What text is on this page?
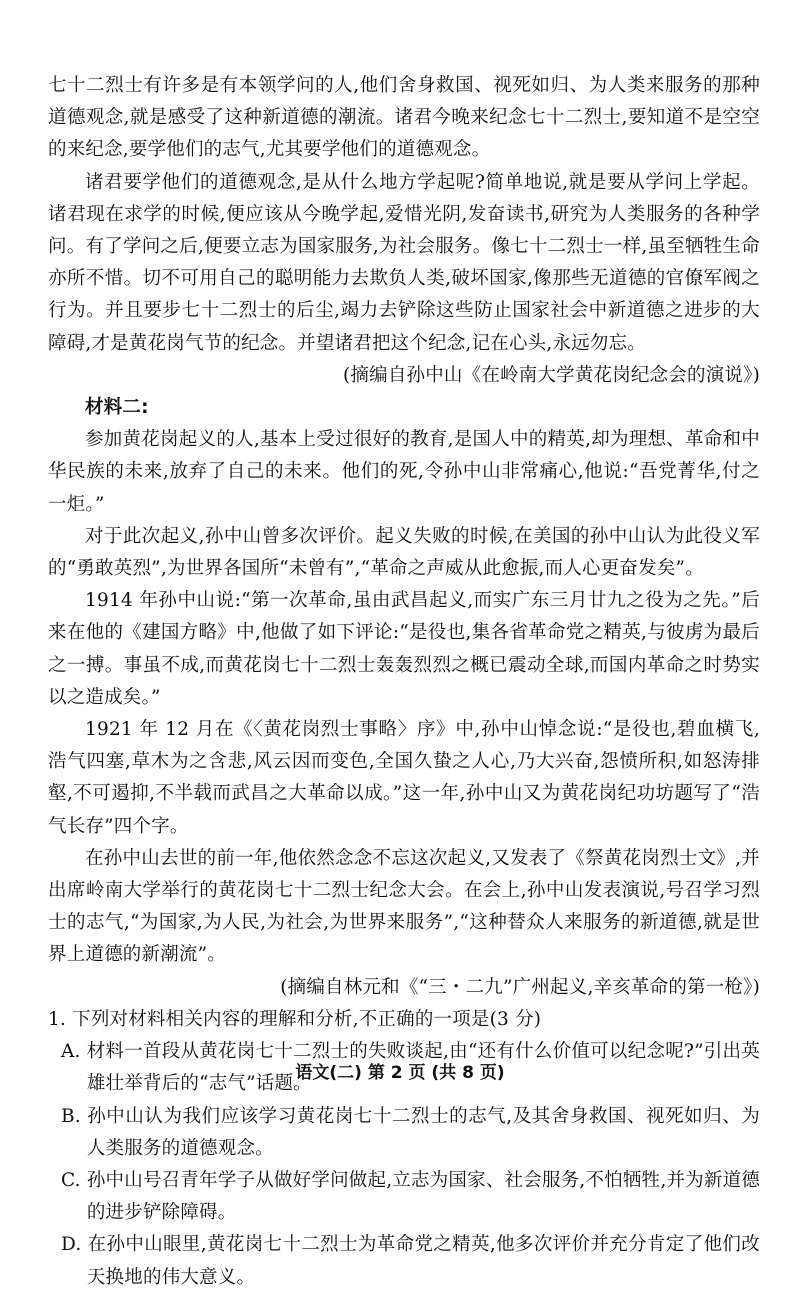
七十二烈士有许多是有本领学问的人,他们舍身救国、视死如归、为人类来服务的那种道德观念,就是感受了这种新道德的潮流。诸君今晚来纪念七十二烈士,要知道不是空空的来纪念,要学他们的志气,尤其要学他们的道德观念。

诸君要学他们的道德观念,是从什么地方学起呢?简单地说,就是要从学问上学起。诸君现在求学的时候,便应该从今晚学起,爱惜光阴,发奋读书,研究为人类服务的各种学问。有了学问之后,便要立志为国家服务,为社会服务。像七十二烈士一样,虽至牺牲生命亦所不惜。切不可用自己的聪明能力去欺负人类,破坏国家,像那些无道德的官僚军阀之行为。并且要步七十二烈士的后尘,竭力去铲除这些防止国家社会中新道德之进步的大障碍,才是黄花岗气节的纪念。并望诸君把这个纪念,记在心头,永远勿忘。

(摘编自孙中山《在岭南大学黄花岗纪念会的演说》)

材料二:

参加黄花岗起义的人,基本上受过很好的教育,是国人中的精英,却为理想、革命和中华民族的未来,放弃了自己的未来。他们的死,令孙中山非常痛心,他说:“吾党菁华,付之一炬。”

对于此次起义,孙中山曾多次评价。起义失败的时候,在美国的孙中山认为此役义军的“勇敢英烈”,为世界各国所“未曾有”,“革命之声威从此愈振,而人心更奋发矣”。

1914 年孙中山说:“第一次革命,虽由武昌起义,而实广东三月廿九之役为之先。”后来在他的《建国方略》中,他做了如下评论:“是役也,集各省革命党之精英,与彼虏为最后之一搏。事虽不成,而黄花岗七十二烈士轰轰烈烈之概已震动全球,而国内革命之时势实以之造成矣。”

1921 年 12 月在《〈黄花岗烈士事略〉序》中,孙中山悼念说:“是役也,碧血横飞,浩气四塞,草木为之含悲,风云因而变色,全国久蛰之人心,乃大兴奋,怨愤所积,如怒涛排壑,不可遏抑,不半载而武昌之大革命以成。”这一年,孙中山又为黄花岗纪功坊题写了“浩气长存”四个字。

在孙中山去世的前一年,他依然念念不忘这次起义,又发表了《祭黄花岗烈士文》,并出席岭南大学举行的黄花岗七十二烈士纪念大会。在会上,孙中山发表演说,号召学习烈士的志气,“为国家,为人民,为社会,为世界来服务”,“这种替众人来服务的新道德,就是世界上道德的新潮流”。

(摘编自林元和《“三・二九”广州起义,辛亥革命的第一枪》)

1. 下列对材料相关内容的理解和分析,不正确的一项是(3 分)

A. 材料一首段从黄花岗七十二烈士的失败谈起,由“还有什么价值可以纪念呢?”引出英雄壮举背后的“志气”话题。

B. 孙中山认为我们应该学习黄花岗七十二烈士的志气,及其舍身救国、视死如归、为人类服务的道德观念。

C. 孙中山号召青年学子从做好学问做起,立志为国家、社会服务,不怕牺牲,并为新道德的进步铲除障碍。

D. 在孙中山眼里,黄花岗七十二烈士为革命党之精英,他多次评价并充分肯定了他们改天换地的伟大意义。

语文(二) 第 2 页 (共 8 页)
